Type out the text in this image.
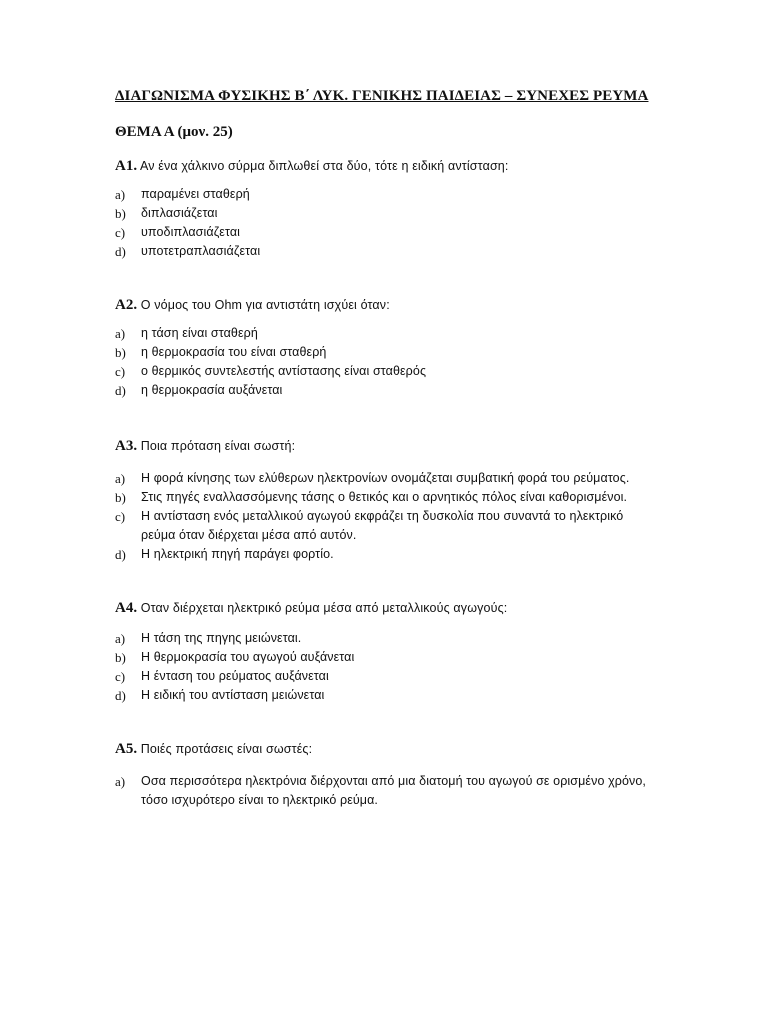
ΔΙΑΓΩΝΙΣΜΑ ΦΥΣΙΚΗΣ Β΄ ΛΥΚ. ΓΕΝΙΚΗΣ ΠΑΙΔΕΙΑΣ – ΣΥΝΕΧΕΣ ΡΕΥΜΑ
ΘΕΜΑ Α (μον. 25)

Α1. Αν ένα χάλκινο σύρμα διπλωθεί στα δύο, τότε η ειδική αντίσταση:

a)	παραμένει σταθερή
b)	διπλασιάζεται
c)	υποδιπλασιάζεται
d)	υποτετραπλασιάζεται

Α2. Ο νόμος του Ohm για αντιστάτη ισχύει όταν:

a)	η τάση είναι σταθερή
b)	η θερμοκρασία του είναι σταθερή
c)	ο θερμικός συντελεστής αντίστασης είναι σταθερός
d)	η θερμοκρασία αυξάνεται

Α3. Ποια πρόταση είναι σωστή:

a)	Η φορά κίνησης των ελύθερων ηλεκτρονίων ονομάζεται συμβατική φορά του ρεύματος.
b)	Στις πηγές εναλλασσόμενης τάσης ο θετικός και ο αρνητικός πόλος είναι καθορισμένοι.
c)	Η αντίσταση ενός μεταλλικού αγωγού εκφράζει τη δυσκολία που συναντά το ηλεκτρικό ρεύμα όταν διέρχεται μέσα από αυτόν.
d)	Η ηλεκτρική πηγή παράγει φορτίο.

Α4. Οταν διέρχεται ηλεκτρικό ρεύμα μέσα από μεταλλικούς αγωγούς:

a)	Η τάση της πηγης μειώνεται.
b)	Η θερμοκρασία του αγωγού αυξάνεται
c)	Η ένταση του ρεύματος αυξάνεται
d)	Η ειδική του αντίσταση μειώνεται

Α5. Ποιές προτάσεις είναι σωστές:

a)	Οσα περισσότερα ηλεκτρόνια διέρχονται από μια διατομή του αγωγού σε ορισμένο χρόνο, τόσο ισχυρότερο είναι το ηλεκτρικό ρεύμα.
